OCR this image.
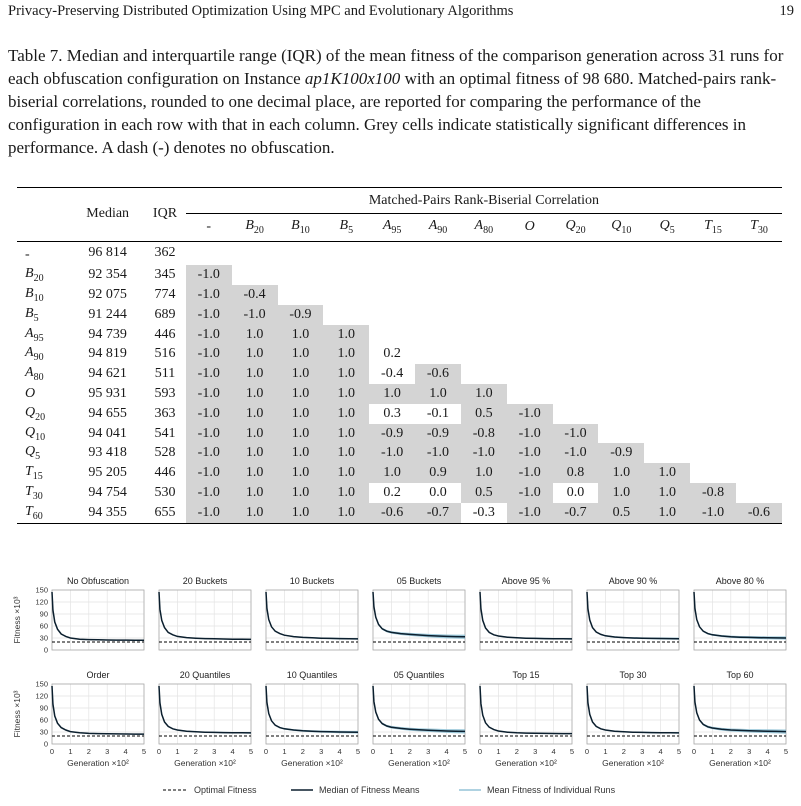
Privacy-Preserving Distributed Optimization Using MPC and Evolutionary Algorithms	19
Table 7. Median and interquartile range (IQR) of the mean fitness of the comparison generation across 31 runs for each obfuscation configuration on Instance ap1K100x100 with an optimal fitness of 98 680. Matched-pairs rank-biserial correlations, rounded to one decimal place, are reported for comparing the performance of the configuration in each row with that in each column. Grey cells indicate statistically significant differences in performance. A dash (-) denotes no obfuscation.
	Median	IQR	Matched-Pairs Rank-Biserial Correlation												
			-	$B_{20}$	$B_{10}$	$B_5$	$A_{95}$	$A_{90}$	$A_{80}$	O	$Q_{20}$	$Q_{10}$	$Q_5$	$T_{15}$	$T_{30}$
-	96 814	362													
$B_{20}$	92 354	345	-1.0												
$B_{10}$	92 075	774	-1.0	-0.4											
$B_5$	91 244	689	-1.0	-1.0	-0.9										
$A_{95}$	94 739	446	-1.0	1.0	1.0	1.0									
$A_{90}$	94 819	516	-1.0	1.0	1.0	1.0	0.2								
$A_{80}$	94 621	511	-1.0	1.0	1.0	1.0	-0.4	-0.6							
O	95 931	593	-1.0	1.0	1.0	1.0	1.0	1.0	1.0						
$Q_{20}$	94 655	363	-1.0	1.0	1.0	1.0	0.3	-0.1	0.5	-1.0					
$Q_{10}$	94 041	541	-1.0	1.0	1.0	1.0	-0.9	-0.9	-0.8	-1.0	-1.0				
$Q_5$	93 418	528	-1.0	1.0	1.0	1.0	-1.0	-1.0	-1.0	-1.0	-1.0	-0.9			
$T_{15}$	95 205	446	-1.0	1.0	1.0	1.0	1.0	0.9	1.0	-1.0	0.8	1.0	1.0		
$T_{30}$	94 754	530	-1.0	1.0	1.0	1.0	0.2	0.0	0.5	-1.0	0.0	1.0	1.0	-0.8	
$T_{60}$	94 355	655	-1.0	1.0	1.0	1.0	-0.6	-0.7	-0.3	-1.0	-0.7	0.5	1.0	-1.0	-0.6
No Obfuscation
0
30
60
90
120
150
20 Buckets	10 Buckets	05 Buckets	Above 95 %	Above 90 %	Above 80 %
Order
0
30
60
90
120
150
0 1 2 3 4 5
Generation ×10²
20 Quantiles
0 1 2 3 4 5
Generation ×10²
10 Quantiles
0 1 2 3 4 5
Generation ×10²
05 Quantiles
0 1 2 3 4 5
Generation ×10²
Top 15
0 1 2 3 4 5
Generation ×10²
Top 30
0 1 2 3 4 5
Generation ×10²
Top 60
0 1 2 3 4 5
Generation ×10²
Fitness ×10³
Fitness ×10³
Optimal Fitness	Median of Fitness Means	Mean Fitness of Individual Runs
